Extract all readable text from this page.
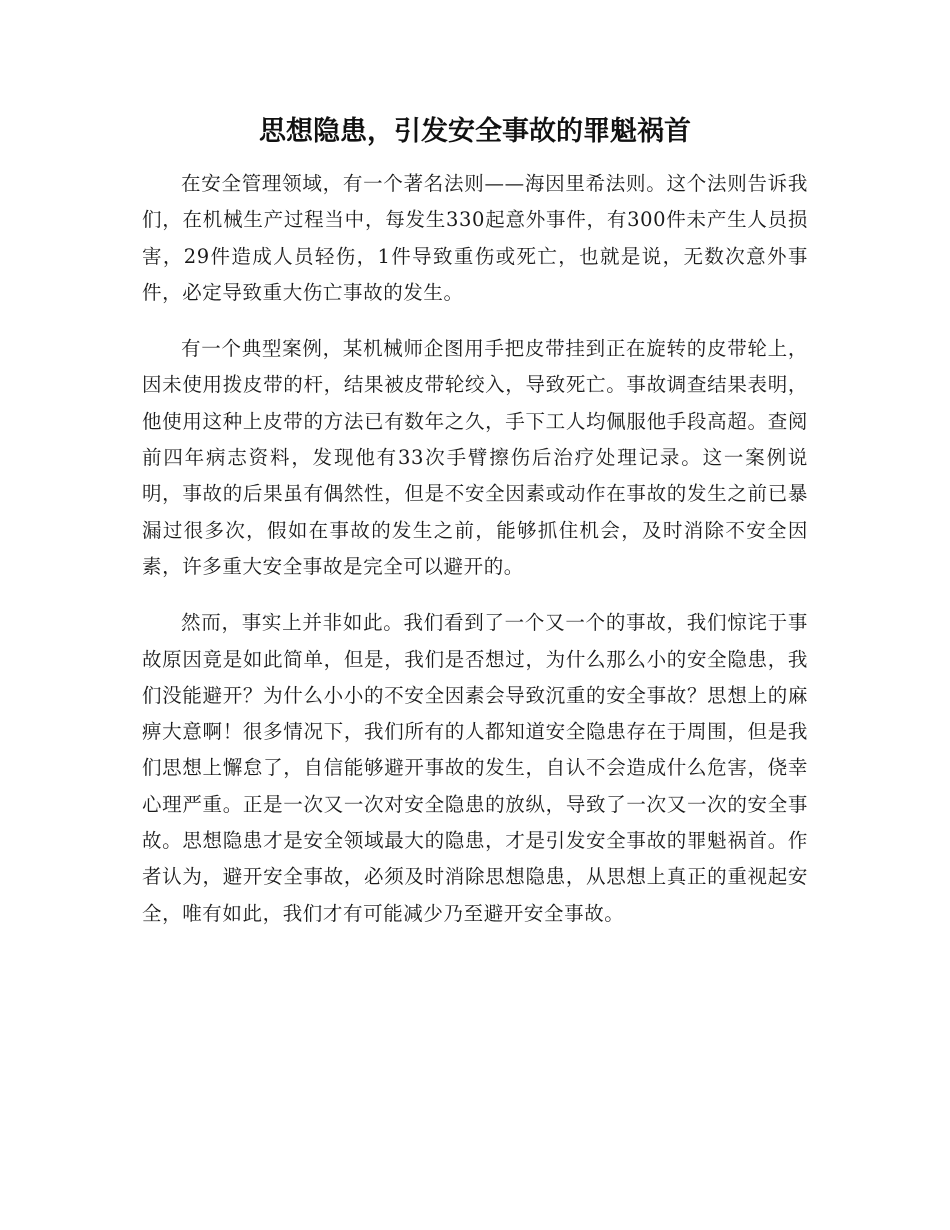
思想隐患，引发安全事故的罪魁祸首

在安全管理领域，有一个著名法则——海因里希法则。这个法则告诉我们，在机械生产过程当中，每发生330起意外事件，有300件未产生人员损害，29件造成人员轻伤，1件导致重伤或死亡，也就是说，无数次意外事件，必定导致重大伤亡事故的发生。

有一个典型案例，某机械师企图用手把皮带挂到正在旋转的皮带轮上，因未使用拨皮带的杆，结果被皮带轮绞入，导致死亡。事故调查结果表明，他使用这种上皮带的方法已有数年之久，手下工人均佩服他手段高超。查阅前四年病志资料，发现他有33次手臂擦伤后治疗处理记录。这一案例说明，事故的后果虽有偶然性，但是不安全因素或动作在事故的发生之前已暴漏过很多次，假如在事故的发生之前，能够抓住机会，及时消除不安全因素，许多重大安全事故是完全可以避开的。

然而，事实上并非如此。我们看到了一个又一个的事故，我们惊诧于事故原因竟是如此简单，但是，我们是否想过，为什么那么小的安全隐患，我们没能避开？为什么小小的不安全因素会导致沉重的安全事故？思想上的麻痹大意啊！很多情况下，我们所有的人都知道安全隐患存在于周围，但是我们思想上懈怠了，自信能够避开事故的发生，自认不会造成什么危害，侥幸心理严重。正是一次又一次对安全隐患的放纵，导致了一次又一次的安全事故。思想隐患才是安全领域最大的隐患，才是引发安全事故的罪魁祸首。作者认为，避开安全事故，必须及时消除思想隐患，从思想上真正的重视起安全，唯有如此，我们才有可能减少乃至避开安全事故。
